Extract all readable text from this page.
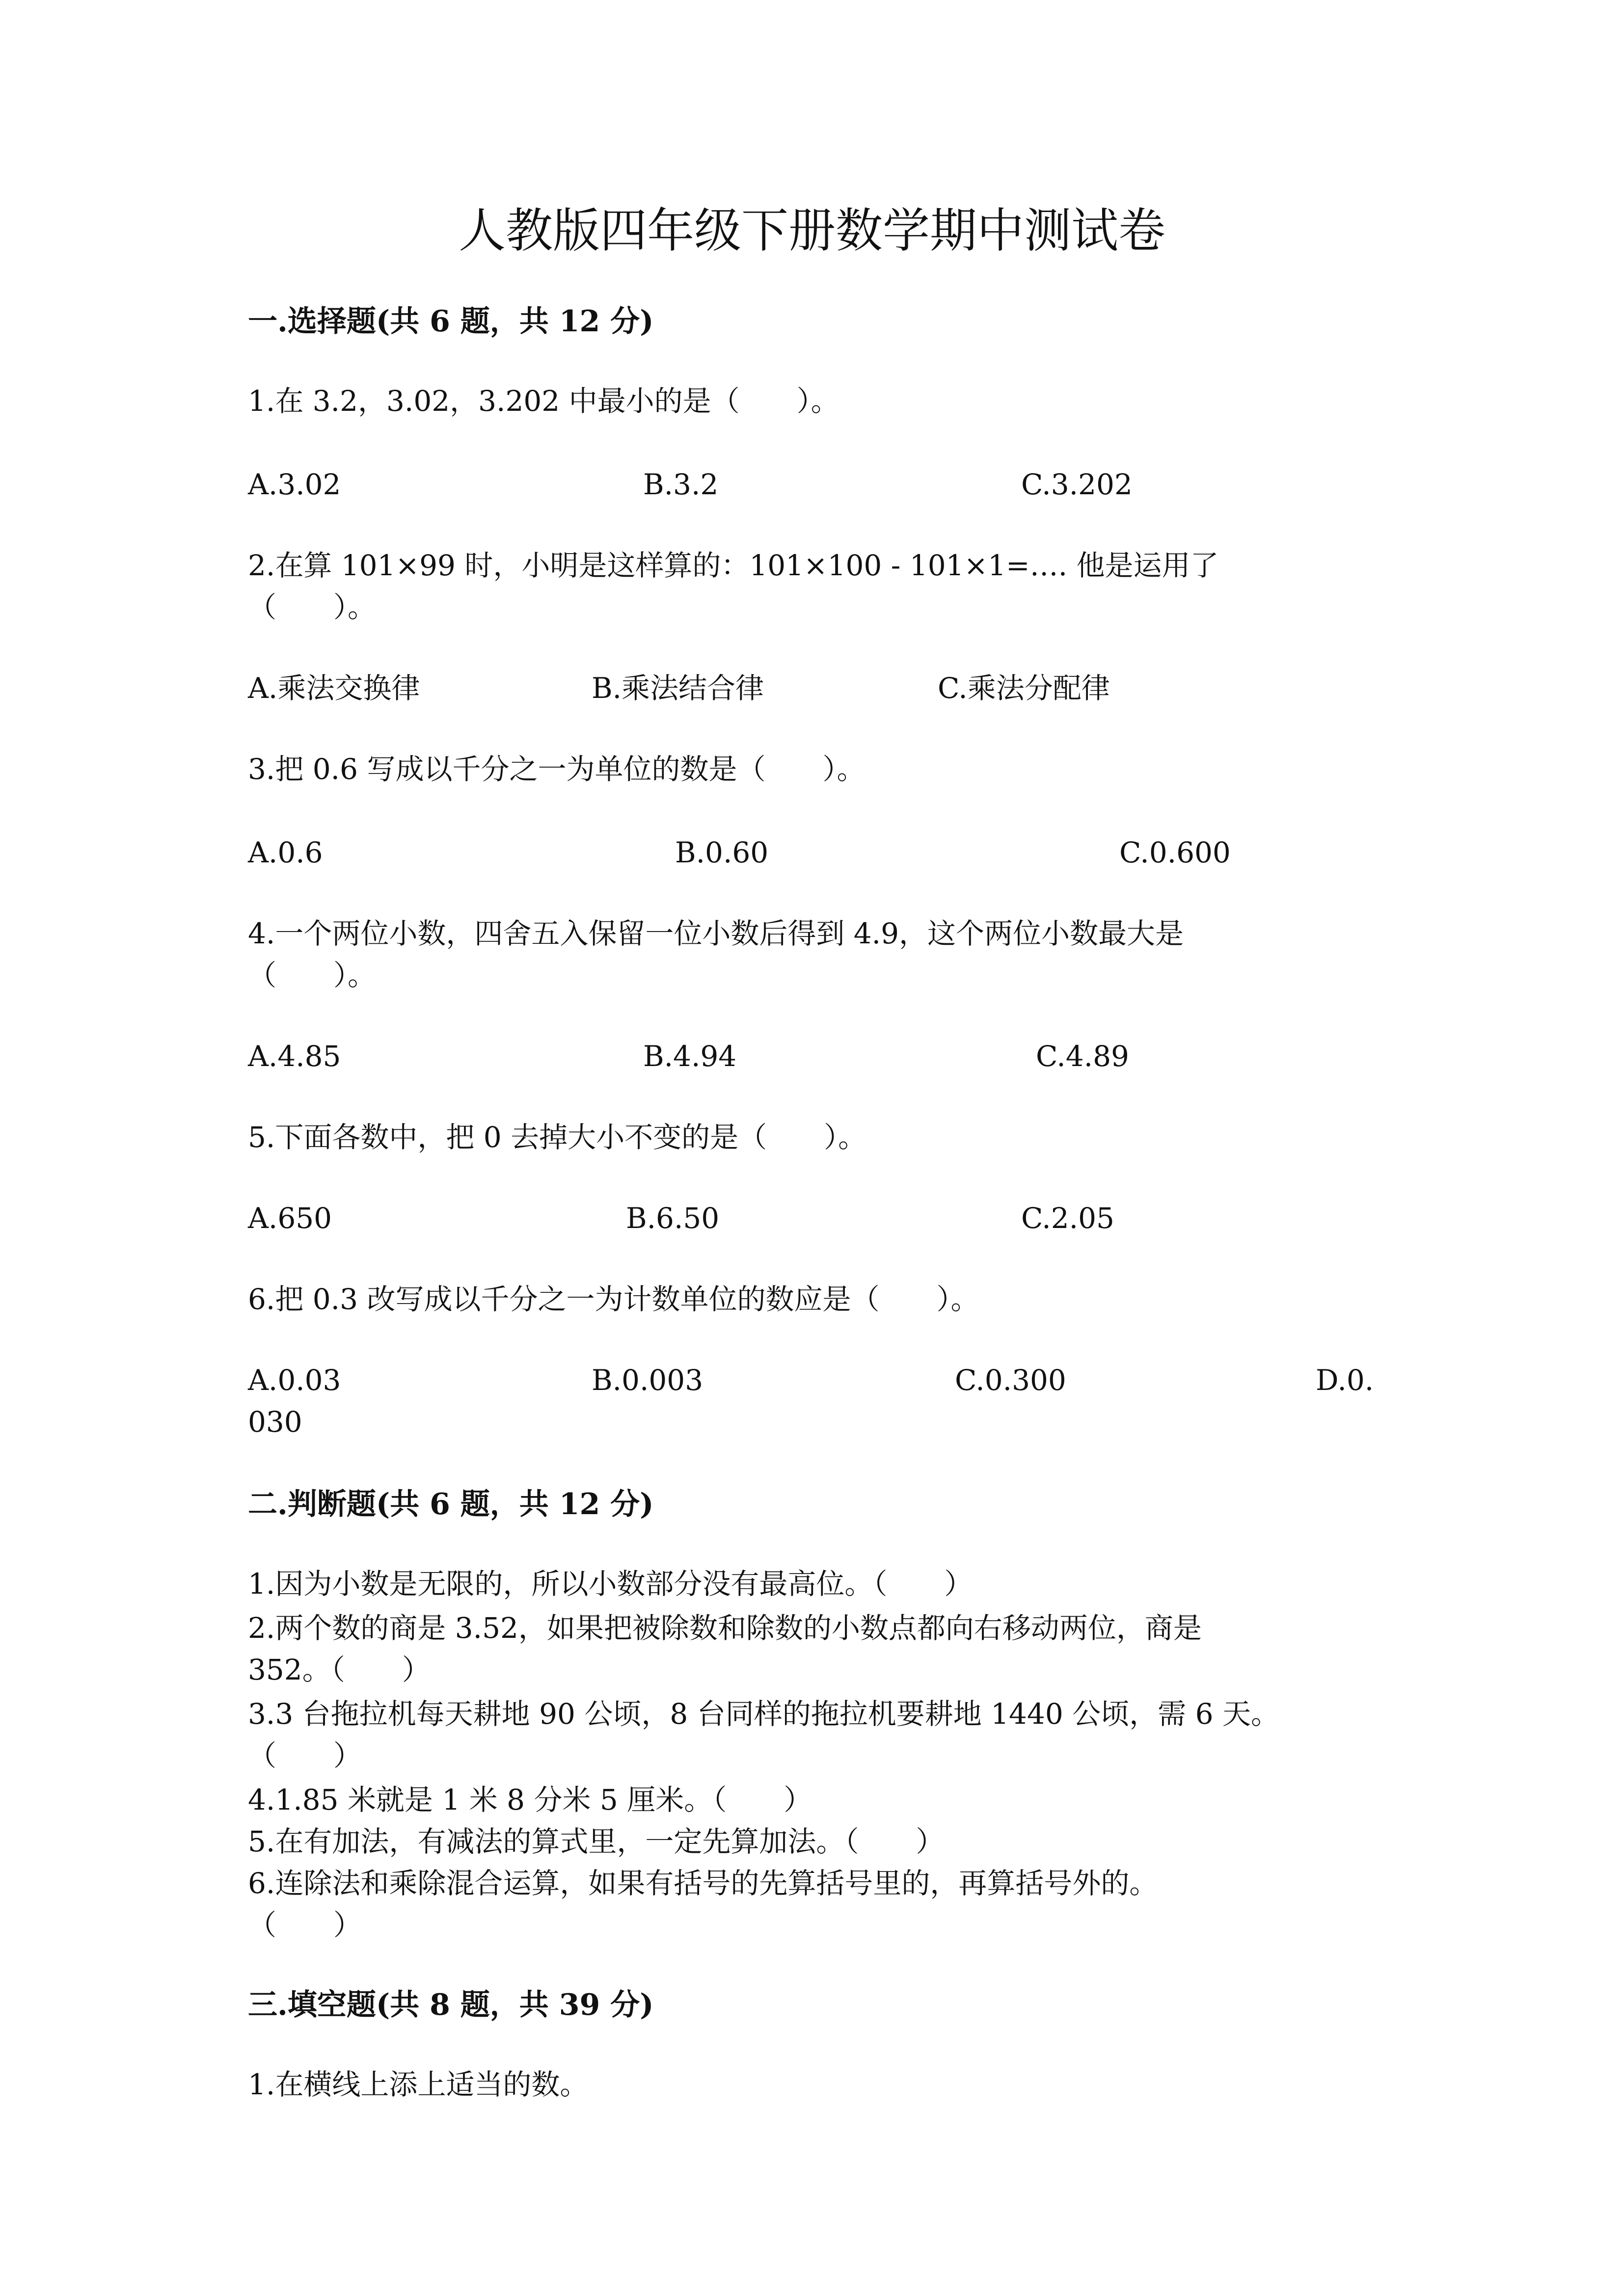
人教版四年级下册数学期中测试卷
一.选择题(共 6 题，共 12 分)
1.在 3.2，3.02，3.202 中最小的是（　　）。
A.3.02	B.3.2	C.3.202
2.在算 101×99 时，小明是这样算的：101×100 - 101×1=…. 他是运用了
（　　）。
A.乘法交换律	B.乘法结合律	C.乘法分配律
3.把 0.6 写成以千分之一为单位的数是（　　）。
A.0.6	B.0.60	C.0.600
4.一个两位小数，四舍五入保留一位小数后得到 4.9，这个两位小数最大是
（　　）。
A.4.85	B.4.94	C.4.89
5.下面各数中，把 0 去掉大小不变的是（　　）。
A.650	B.6.50	C.2.05
6.把 0.3 改写成以千分之一为计数单位的数应是（　　）。
A.0.03	B.0.003	C.0.300	D.0.
030
二.判断题(共 6 题，共 12 分)
1.因为小数是无限的，所以小数部分没有最高位。（　　）
2.两个数的商是 3.52，如果把被除数和除数的小数点都向右移动两位，商是
352。（　　）
3.3 台拖拉机每天耕地 90 公顷，8 台同样的拖拉机要耕地 1440 公顷，需 6 天。
（　　）
4.1.85 米就是 1 米 8 分米 5 厘米。（　　）
5.在有加法，有减法的算式里，一定先算加法。（　　）
6.连除法和乘除混合运算，如果有括号的先算括号里的，再算括号外的。
（　　）
三.填空题(共 8 题，共 39 分)
1.在横线上添上适当的数。
